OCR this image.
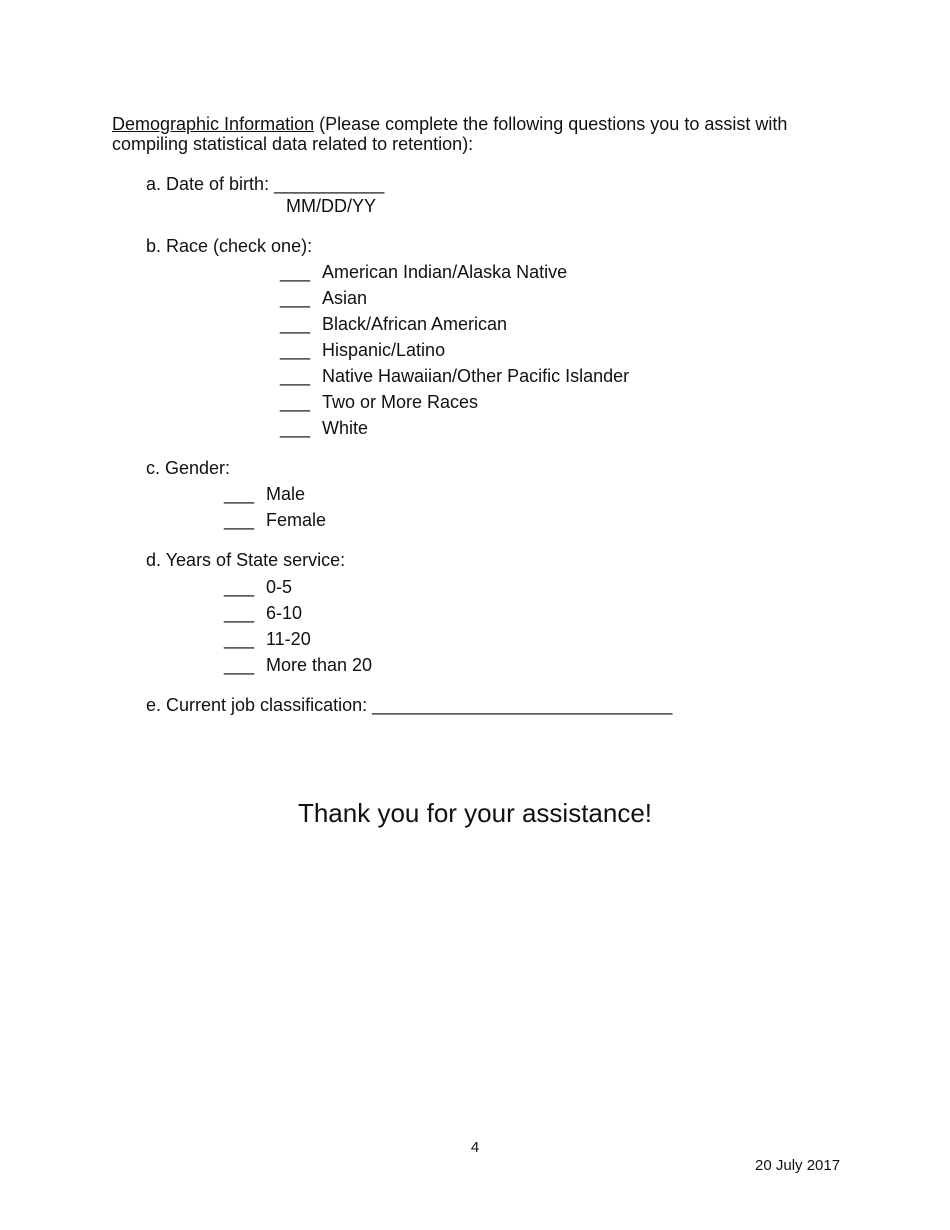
Demographic Information (Please complete the following questions you to assist with
compiling statistical data related to retention):
a. Date of birth: ___________
MM/DD/YY
b. Race (check one):
___ American Indian/Alaska Native
___ Asian
___ Black/African American
___ Hispanic/Latino
___ Native Hawaiian/Other Pacific Islander
___ Two or More Races
___ White
c. Gender:
___ Male
___ Female
d. Years of State service:
___ 0-5
___ 6-10
___ 11-20
___ More than 20
e. Current job classification: ______________________________
Thank you for your assistance!
4
20 July 2017
